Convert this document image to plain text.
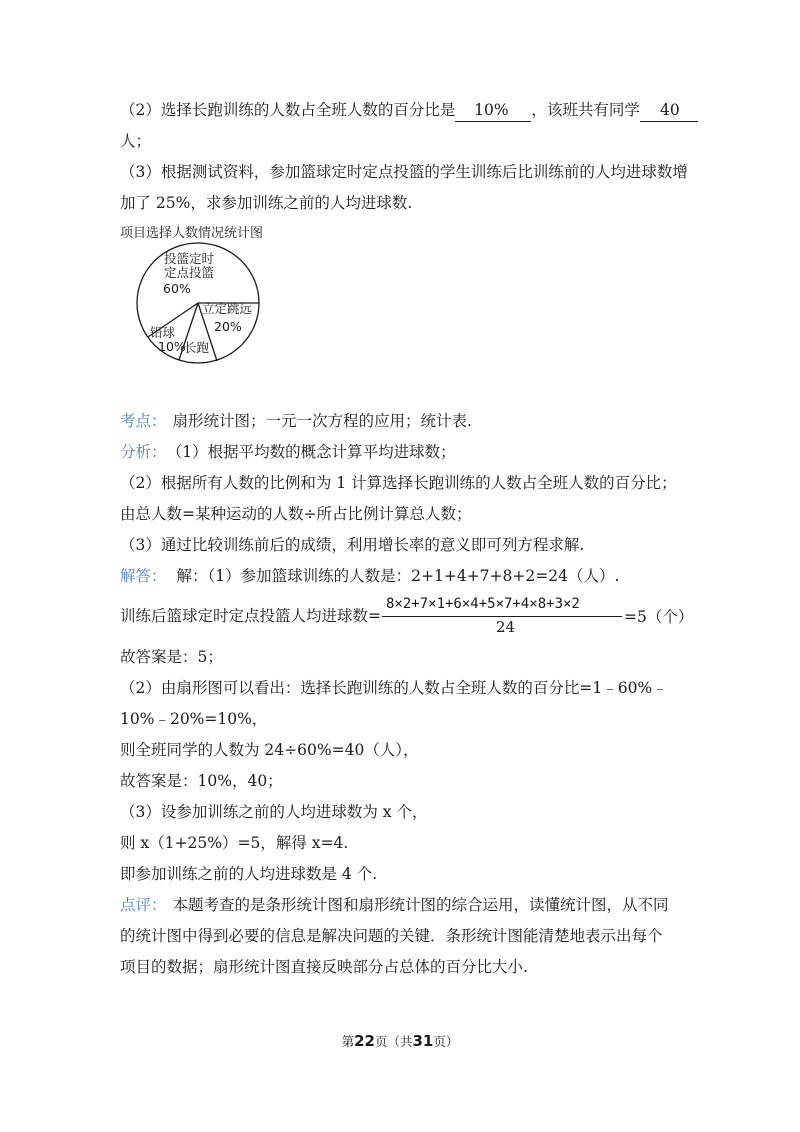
（2）选择长跑训练的人数占全班人数的百分比是 10% ，该班共有同学 40
人；
（3）根据测试资料，参加篮球定时定点投篮的学生训练后比训练前的人均进球数增
加了 25%，求参加训练之前的人均进球数.
项目选择人数情况统计图
投篮定时
定点投篮
60%
立定跳远
20%
长跑
铅球
10%
考点： 扇形统计图；一元一次方程的应用；统计表.
分析： （1）根据平均数的概念计算平均进球数；
（2）根据所有人数的比例和为 1 计算选择长跑训练的人数占全班人数的百分比；
由总人数=某种运动的人数÷所占比例计算总人数；
（3）通过比较训练前后的成绩，利用增长率的意义即可列方程求解.
解答： 解：（1）参加篮球训练的人数是：2+1+4+7+8+2=24（人）.
训练后篮球定时定点投篮人均进球数=
8×2+7×1+6×4+5×7+4×8+3×2
24
=5（个）
故答案是：5；
（2）由扇形图可以看出：选择长跑训练的人数占全班人数的百分比=1﹣60%﹣
10%﹣20%=10%，
则全班同学的人数为 24÷60%=40（人），
故答案是：10%，40；
（3）设参加训练之前的人均进球数为 x 个，
则 x（1+25%）=5，解得 x=4.
即参加训练之前的人均进球数是 4 个.
点评： 本题考查的是条形统计图和扇形统计图的综合运用，读懂统计图，从不同
的统计图中得到必要的信息是解决问题的关键．条形统计图能清楚地表示出每个
项目的数据；扇形统计图直接反映部分占总体的百分比大小.
第22页（共31页）
